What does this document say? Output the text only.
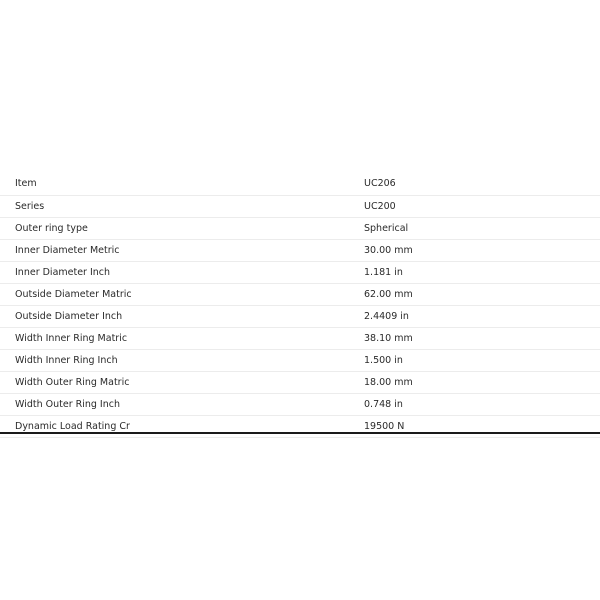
Item	UC206
Series	UC200
Outer ring type	Spherical
Inner Diameter Metric	30.00 mm
Inner Diameter Inch	1.181 in
Outside Diameter Matric	62.00 mm
Outside Diameter Inch	2.4409 in
Width Inner Ring Matric	38.10 mm
Width Inner Ring Inch	1.500 in
Width Outer Ring Matric	18.00 mm
Width Outer Ring Inch	0.748 in
Dynamic Load Rating Cr	19500 N
